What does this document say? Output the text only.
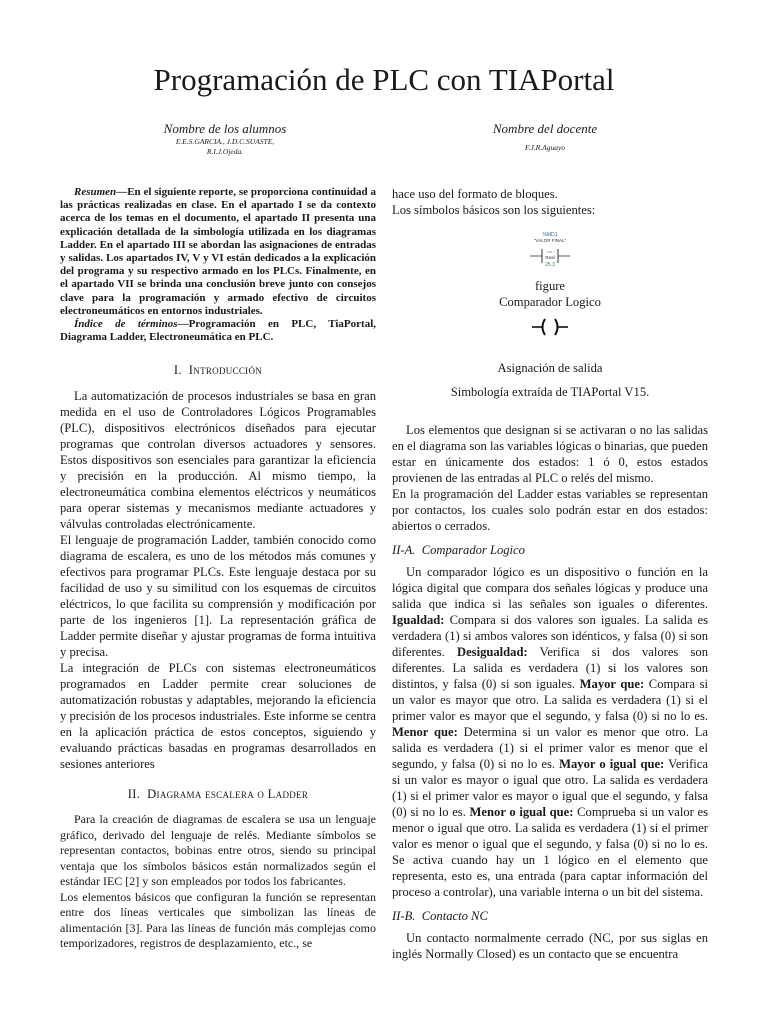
Programación de PLC con TIAPortal
Nombre de los alumnos
E.E.S.GARCIA., J.D.C.SUASTE,
R.I.J.Ojeda.
Nombre del docente
F.J.R.Aguayo

Resumen—En el siguiente reporte, se proporciona continuidad a las prácticas realizadas en clase. En el apartado I se da contexto acerca de los temas en el documento, el apartado II presenta una explicación detallada de la simbología utilizada en los diagramas Ladder. En el apartado III se abordan las asignaciones de entradas y salidas. Los apartados IV, V y VI están dedicados a la explicación del programa y su respectivo armado en los PLCs. Finalmente, en el apartado VII se brinda una conclusión breve junto con consejos clave para la programación y armado efectivo de circuitos electroneumáticos en entornos industriales.

Índice de términos—Programación en PLC, TiaPortal, Diagrama Ladder, Electroneumática en PLC.

I. Introducción

La automatización de procesos industriales se basa en gran medida en el uso de Controladores Lógicos Programables (PLC), dispositivos electrónicos diseñados para ejecutar programas que controlan diversos actuadores y sensores. Estos dispositivos son esenciales para garantizar la eficiencia y precisión en la producción. Al mismo tiempo, la electroneumática combina elementos eléctricos y neumáticos para operar sistemas y mecanismos mediante actuadores y válvulas controladas electrónicamente.

El lenguaje de programación Ladder, también conocido como diagrama de escalera, es uno de los métodos más comunes y efectivos para programar PLCs. Este lenguaje destaca por su facilidad de uso y su similitud con los esquemas de circuitos eléctricos, lo que facilita su comprensión y modificación por parte de los ingenieros [1]. La representación gráfica de Ladder permite diseñar y ajustar programas de forma intuitiva y precisa.

La integración de PLCs con sistemas electroneumáticos programados en Ladder permite crear soluciones de automatización robustas y adaptables, mejorando la eficiencia y precisión de los procesos industriales. Este informe se centra en la aplicación práctica de estos conceptos, siguiendo y evaluando prácticas basadas en programas desarrollados en sesiones anteriores

II. Diagrama escalera o Ladder

Para la creación de diagramas de escalera se usa un lenguaje gráfico, derivado del lenguaje de relés. Mediante símbolos se representan contactos, bobinas entre otros, siendo su principal ventaja que los símbolos básicos están normalizados según el estándar IEC [2] y son empleados por todos los fabricantes.

Los elementos básicos que configuran la función se representan entre dos líneas verticales que simbolizan las líneas de alimentación [3]. Para las líneas de función más complejas como temporizadores, registros de desplazamiento, etc., se

hace uso del formato de bloques.

Los símbolos básicos son los siguientes:

%MD1
"VALOR FINAL"
==
Real
25.3

figure

Comparador Logico

Asignación de salida

Simbología extraída de TIAPortal V15.

Los elementos que designan si se activaran o no las salidas en el diagrama son las variables lógicas o binarias, que pueden estar en únicamente dos estados: 1 ó 0, estos estados provienen de las entradas al PLC o relés del mismo.

En la programación del Ladder estas variables se representan por contactos, los cuales solo podrán estar en dos estados: abiertos o cerrados.

II-A. Comparador Logico

Un comparador lógico es un dispositivo o función en la lógica digital que compara dos señales lógicas y produce una salida que indica si las señales son iguales o diferentes. Igualdad: Compara si dos valores son iguales. La salida es verdadera (1) si ambos valores son idénticos, y falsa (0) si son diferentes. Desigualdad: Verifica si dos valores son diferentes. La salida es verdadera (1) si los valores son distintos, y falsa (0) si son iguales. Mayor que: Compara si un valor es mayor que otro. La salida es verdadera (1) si el primer valor es mayor que el segundo, y falsa (0) si no lo es. Menor que: Determina si un valor es menor que otro. La salida es verdadera (1) si el primer valor es menor que el segundo, y falsa (0) si no lo es. Mayor o igual que: Verifica si un valor es mayor o igual que otro. La salida es verdadera (1) si el primer valor es mayor o igual que el segundo, y falsa (0) si no lo es. Menor o igual que: Comprueba si un valor es menor o igual que otro. La salida es verdadera (1) si el primer valor es menor o igual que el segundo, y falsa (0) si no lo es. Se activa cuando hay un 1 lógico en el elemento que representa, esto es, una entrada (para captar información del proceso a controlar), una variable interna o un bit del sistema.

II-B. Contacto NC

Un contacto normalmente cerrado (NC, por sus siglas en inglés Normally Closed) es un contacto que se encuentra
